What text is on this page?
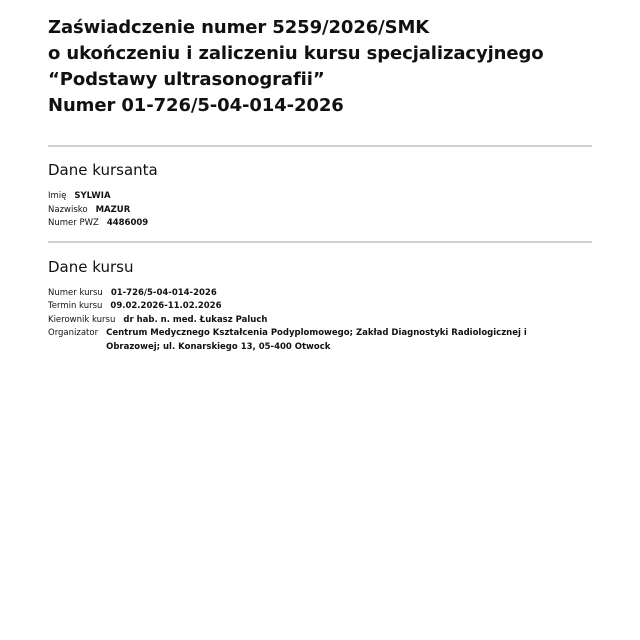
Zaświadczenie numer 5259/2026/SMK
o ukończeniu i zaliczeniu kursu specjalizacyjnego
“Podstawy ultrasonografii”
Numer 01-726/5-04-014-2026
Dane kursanta
Imię SYLWIA
Nazwisko MAZUR
Numer PWZ 4486009
Dane kursu
Numer kursu 01-726/5-04-014-2026
Termin kursu 09.02.2026-11.02.2026
Kierownik kursu dr hab. n. med. Łukasz Paluch
Organizator Centrum Medycznego Kształcenia Podyplomowego; Zakład Diagnostyki Radiologicznej i Obrazowej; ul. Konarskiego 13, 05-400 Otwock
